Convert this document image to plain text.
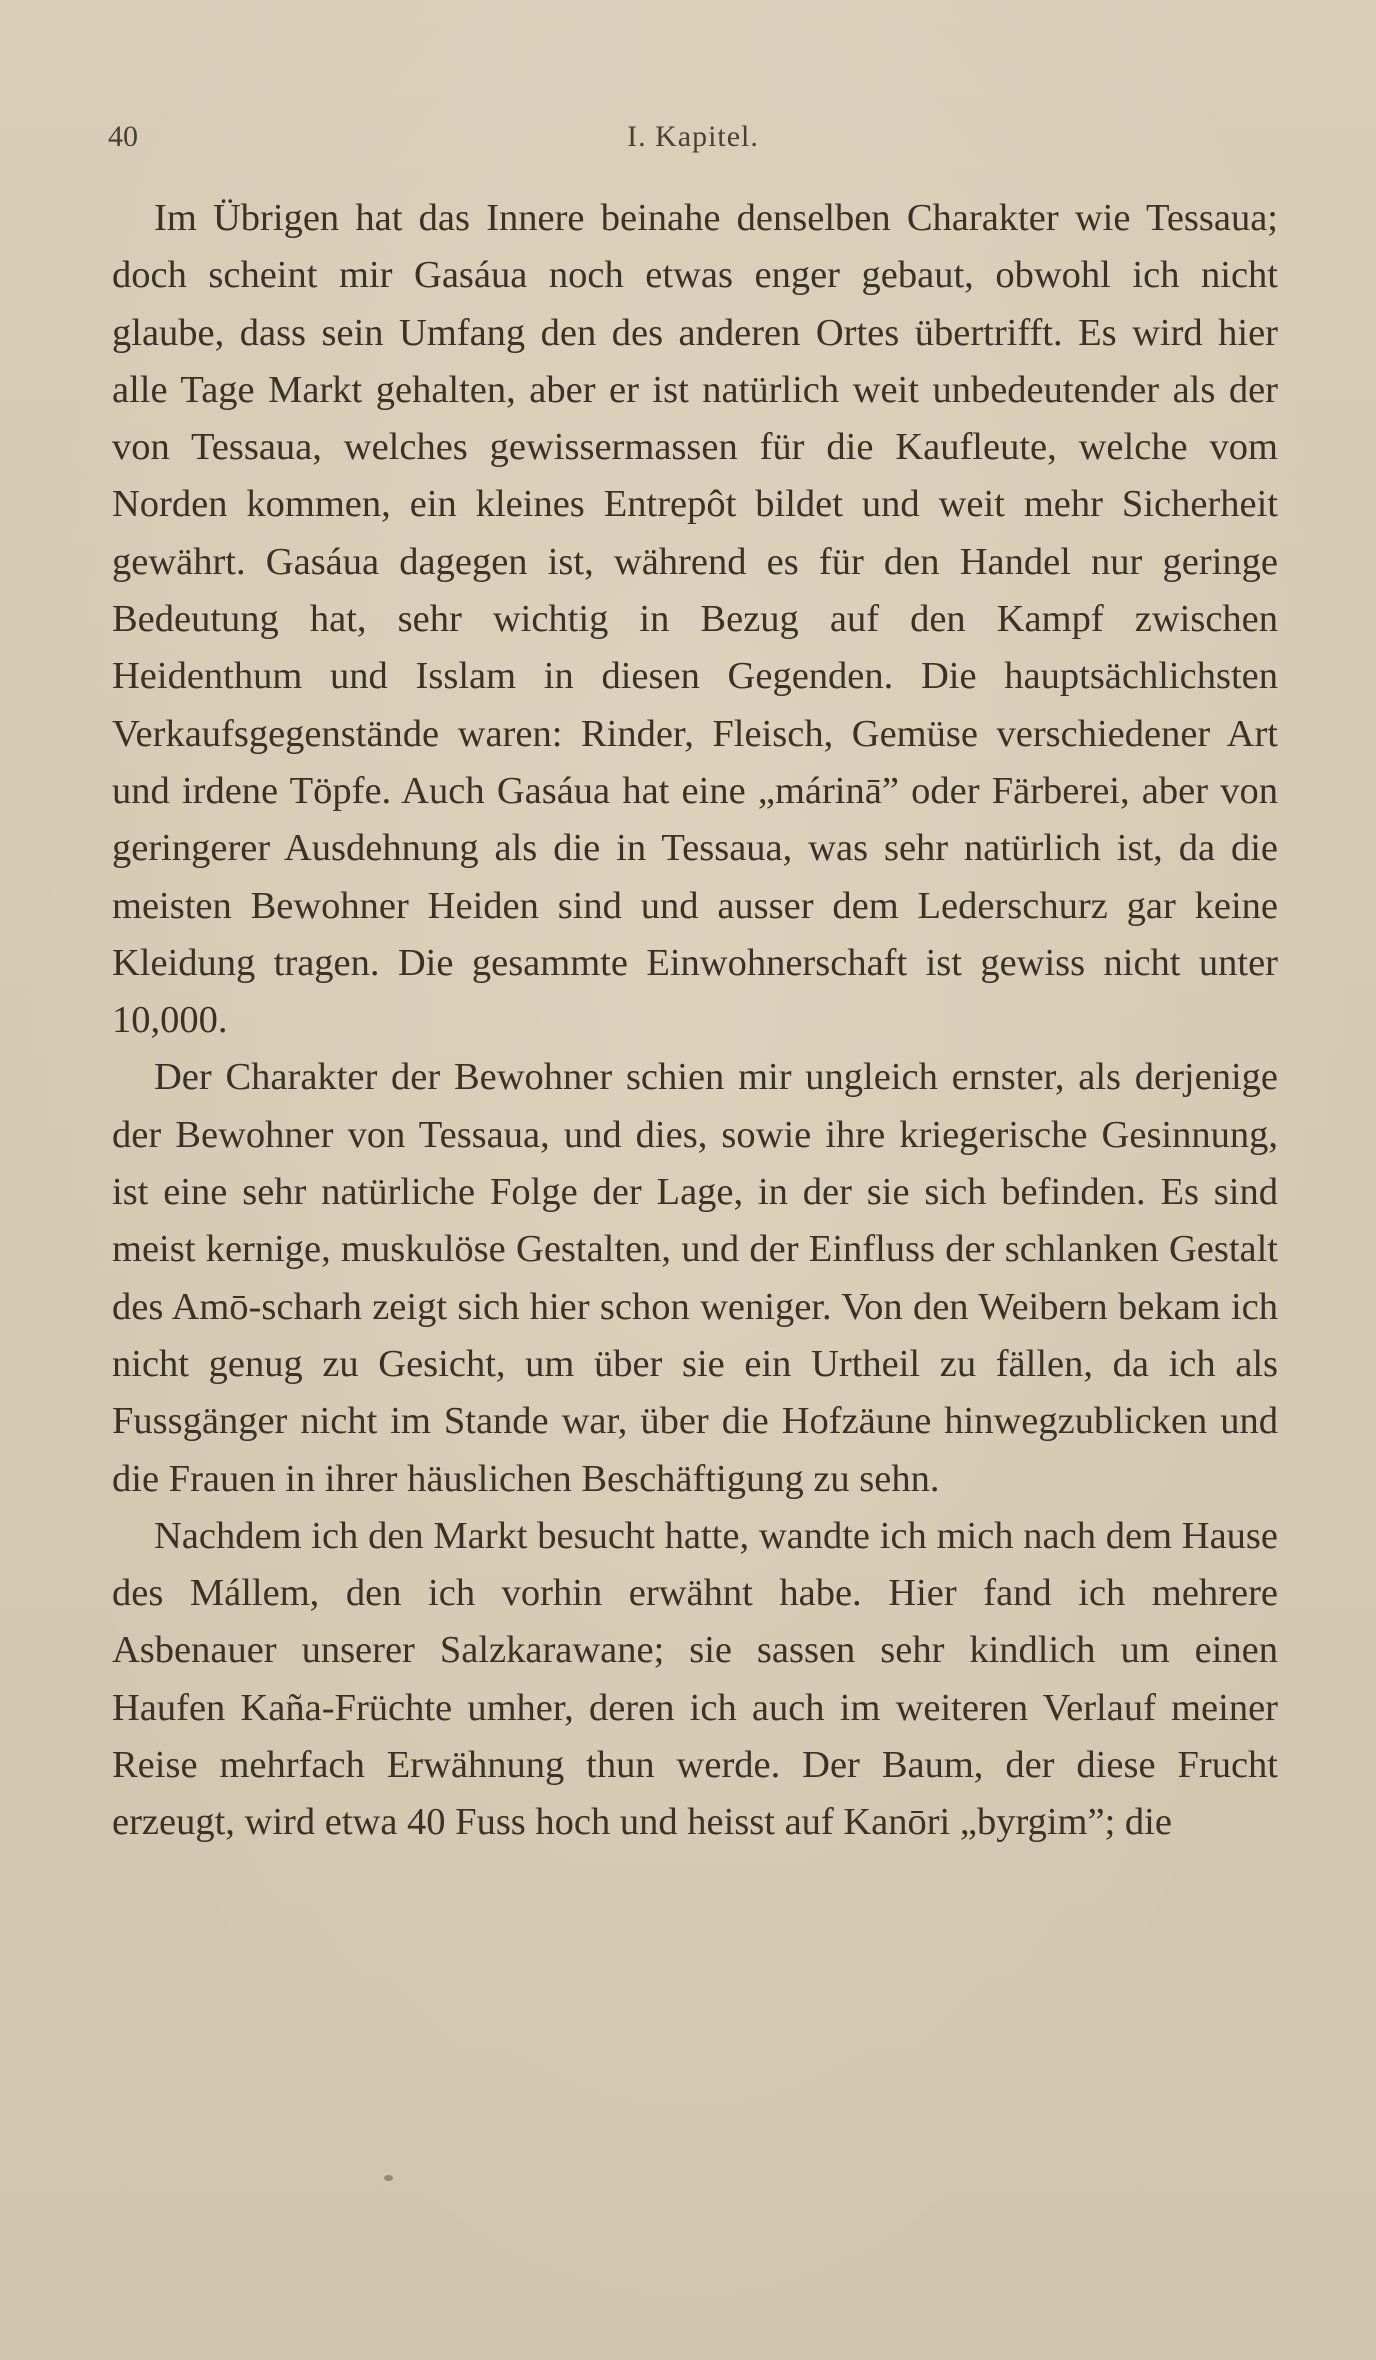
40	I. Kapitel.

Im Übrigen hat das Innere beinahe denselben Charakter wie Tessaua; doch scheint mir Gasáua noch etwas enger gebaut, obwohl ich nicht glaube, dass sein Umfang den des anderen Ortes übertrifft. Es wird hier alle Tage Markt gehalten, aber er ist natürlich weit unbedeutender als der von Tessaua, welches gewissermassen für die Kaufleute, welche vom Norden kommen, ein kleines Entrepôt bildet und weit mehr Sicherheit gewährt. Gasáua dagegen ist, während es für den Handel nur geringe Bedeutung hat, sehr wichtig in Bezug auf den Kampf zwischen Heidenthum und Isslam in diesen Gegenden. Die hauptsächlichsten Verkaufsgegenstände waren: Rinder, Fleisch, Gemüse verschiedener Art und irdene Töpfe. Auch Gasáua hat eine „márinā” oder Färberei, aber von geringerer Ausdehnung als die in Tessaua, was sehr natürlich ist, da die meisten Bewohner Heiden sind und ausser dem Lederschurz gar keine Kleidung tragen. Die gesammte Einwohnerschaft ist gewiss nicht unter 10,000.

Der Charakter der Bewohner schien mir ungleich ernster, als derjenige der Bewohner von Tessaua, und dies, sowie ihre kriegerische Gesinnung, ist eine sehr natürliche Folge der Lage, in der sie sich befinden. Es sind meist kernige, muskulöse Gestalten, und der Einfluss der schlanken Gestalt des Amō-scharh zeigt sich hier schon weniger. Von den Weibern bekam ich nicht genug zu Gesicht, um über sie ein Urtheil zu fällen, da ich als Fussgänger nicht im Stande war, über die Hofzäune hinwegzublicken und die Frauen in ihrer häuslichen Beschäftigung zu sehn.

Nachdem ich den Markt besucht hatte, wandte ich mich nach dem Hause des Mállem, den ich vorhin erwähnt habe. Hier fand ich mehrere Asbenauer unserer Salzkarawane; sie sassen sehr kindlich um einen Haufen Kaña-Früchte umher, deren ich auch im weiteren Verlauf meiner Reise mehrfach Erwähnung thun werde. Der Baum, der diese Frucht erzeugt, wird etwa 40 Fuss hoch und heisst auf Kanōri „byrgim”; die
